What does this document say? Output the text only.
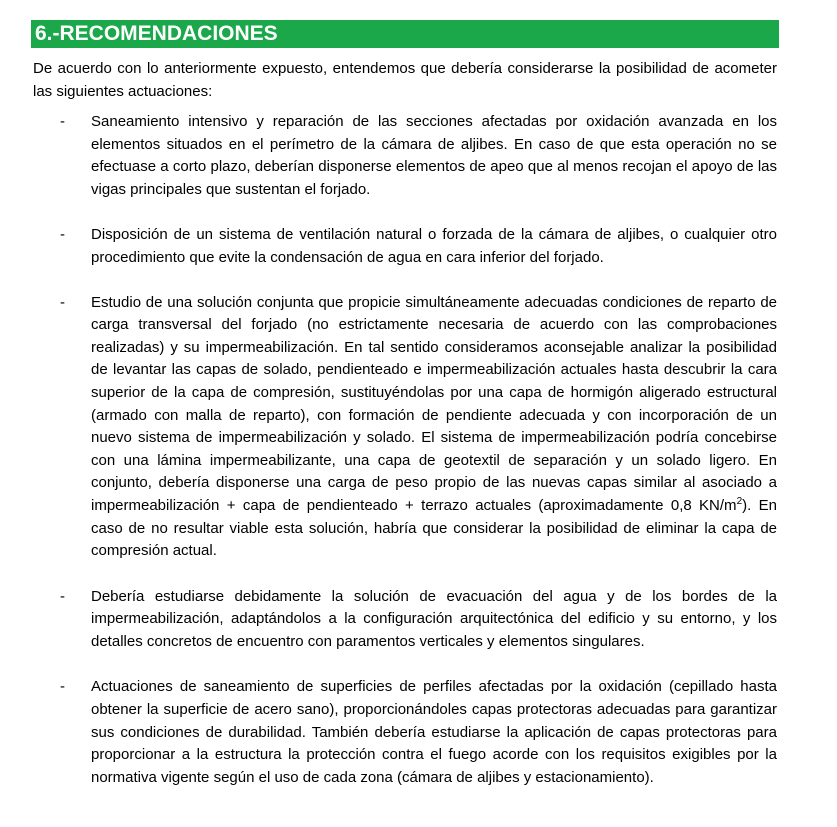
6.-RECOMENDACIONES

De acuerdo con lo anteriormente expuesto, entendemos que debería considerarse la posibilidad de acometer las siguientes actuaciones:

- Saneamiento intensivo y reparación de las secciones afectadas por oxidación avanzada en los elementos situados en el perímetro de la cámara de aljibes. En caso de que esta operación no se efectuase a corto plazo, deberían disponerse elementos de apeo que al menos recojan el apoyo de las vigas principales que sustentan el forjado.
- Disposición de un sistema de ventilación natural o forzada de la cámara de aljibes, o cualquier otro procedimiento que evite la condensación de agua en cara inferior del forjado.
- Estudio de una solución conjunta que propicie simultáneamente adecuadas condiciones de reparto de carga transversal del forjado (no estrictamente necesaria de acuerdo con las comprobaciones realizadas) y su impermeabilización. En tal sentido consideramos aconsejable analizar la posibilidad de levantar las capas de solado, pendienteado e impermeabilización actuales hasta descubrir la cara superior de la capa de compresión, sustituyéndolas por una capa de hormigón aligerado estructural (armado con malla de reparto), con formación de pendiente adecuada y con incorporación de un nuevo sistema de impermeabilización y solado. El sistema de impermeabilización podría concebirse con una lámina impermeabilizante, una capa de geotextil de separación y un solado ligero. En conjunto, debería disponerse una carga de peso propio de las nuevas capas similar al asociado a impermeabilización + capa de pendienteado + terrazo actuales (aproximadamente 0,8 $KN/m^2$). En caso de no resultar viable esta solución, habría que considerar la posibilidad de eliminar la capa de compresión actual.
- Debería estudiarse debidamente la solución de evacuación del agua y de los bordes de la impermeabilización, adaptándolos a la configuración arquitectónica del edificio y su entorno, y los detalles concretos de encuentro con paramentos verticales y elementos singulares.
- Actuaciones de saneamiento de superficies de perfiles afectadas por la oxidación (cepillado hasta obtener la superficie de acero sano), proporcionándoles capas protectoras adecuadas para garantizar sus condiciones de durabilidad. También debería estudiarse la aplicación de capas protectoras para proporcionar a la estructura la protección contra el fuego acorde con los requisitos exigibles por la normativa vigente según el uso de cada zona (cámara de aljibes y estacionamiento).
